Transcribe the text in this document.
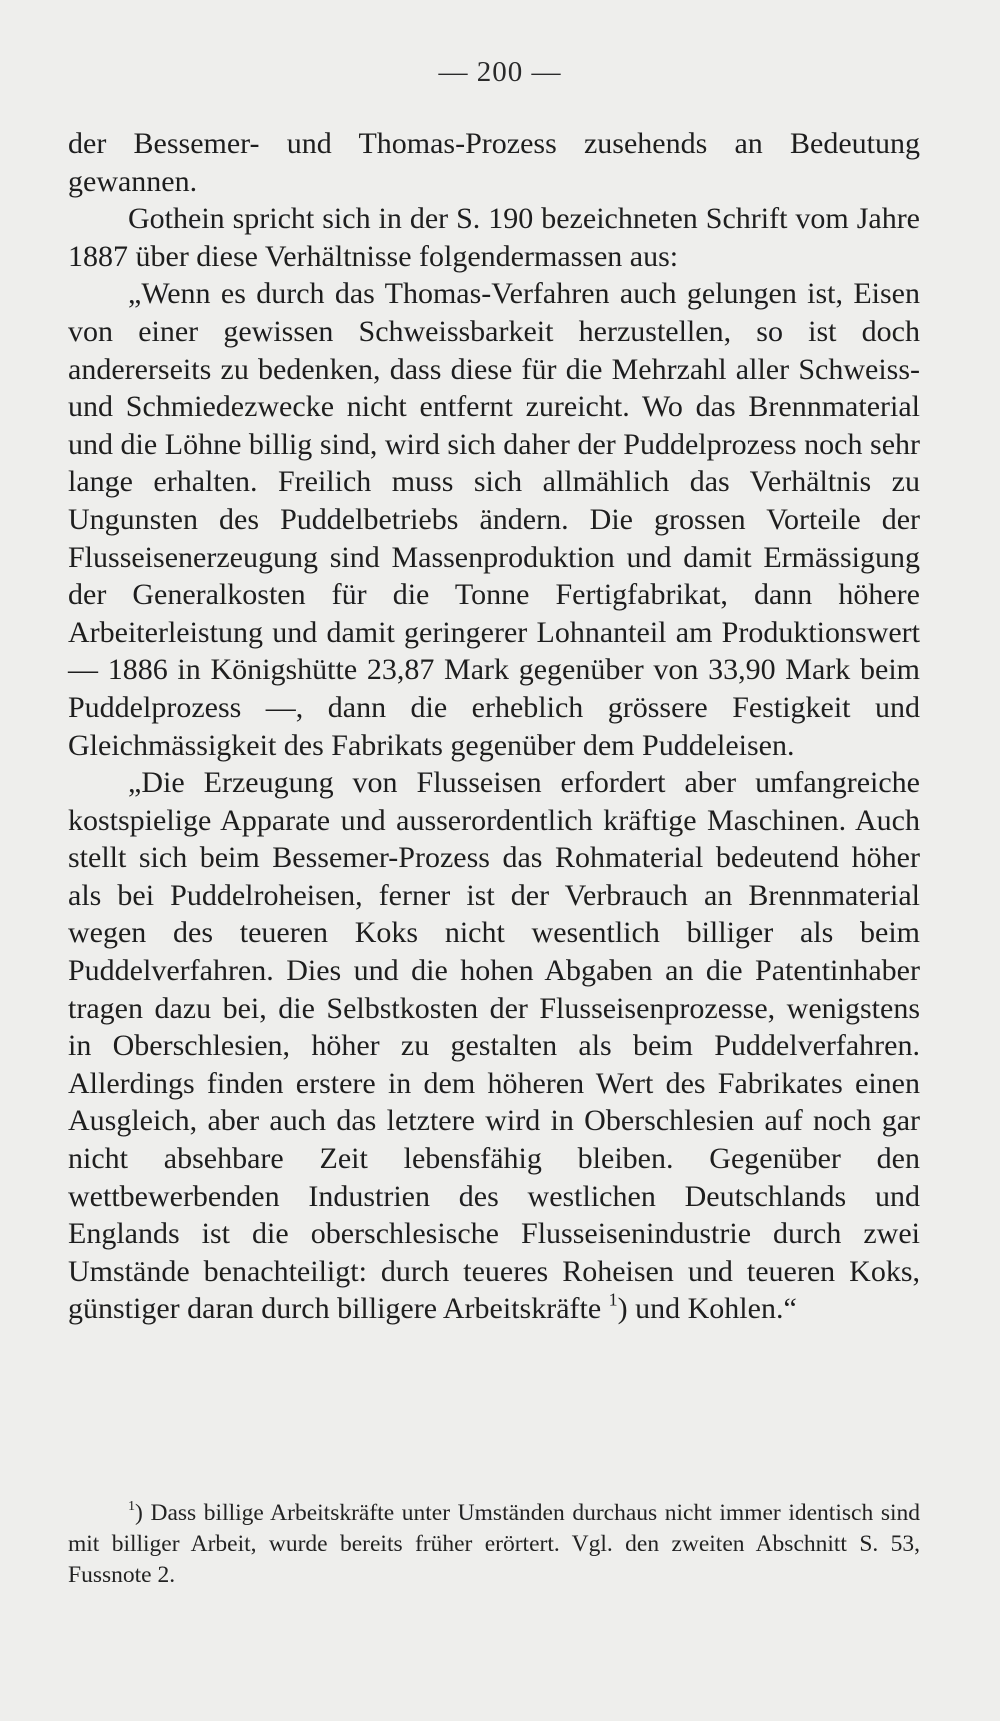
— 200 —

der Bessemer- und Thomas-Prozess zusehends an Bedeutung gewannen.

Gothein spricht sich in der S. 190 bezeichneten Schrift vom Jahre 1887 über diese Verhältnisse folgendermassen aus:

„Wenn es durch das Thomas-Verfahren auch gelungen ist, Eisen von einer gewissen Schweissbarkeit herzustellen, so ist doch andererseits zu bedenken, dass diese für die Mehrzahl aller Schweiss- und Schmiedezwecke nicht entfernt zureicht. Wo das Brennmaterial und die Löhne billig sind, wird sich daher der Puddelprozess noch sehr lange erhalten. Freilich muss sich allmählich das Verhältnis zu Ungunsten des Puddelbetriebs ändern. Die grossen Vorteile der Flusseisenerzeugung sind Massenproduktion und damit Ermässigung der Generalkosten für die Tonne Fertigfabrikat, dann höhere Arbeiterleistung und damit geringerer Lohnanteil am Produktionswert — 1886 in Königshütte 23,87 Mark gegenüber von 33,90 Mark beim Puddelprozess —, dann die erheblich grössere Festigkeit und Gleichmässigkeit des Fabrikats gegenüber dem Puddeleisen.

„Die Erzeugung von Flusseisen erfordert aber umfangreiche kostspielige Apparate und ausserordentlich kräftige Maschinen. Auch stellt sich beim Bessemer-Prozess das Rohmaterial bedeutend höher als bei Puddelroheisen, ferner ist der Verbrauch an Brennmaterial wegen des teueren Koks nicht wesentlich billiger als beim Puddelverfahren. Dies und die hohen Abgaben an die Patentinhaber tragen dazu bei, die Selbstkosten der Flusseisenprozesse, wenigstens in Oberschlesien, höher zu gestalten als beim Puddelverfahren. Allerdings finden erstere in dem höheren Wert des Fabrikates einen Ausgleich, aber auch das letztere wird in Oberschlesien auf noch gar nicht absehbare Zeit lebensfähig bleiben. Gegenüber den wettbewerbenden Industrien des westlichen Deutschlands und Englands ist die oberschlesische Flusseisenindustrie durch zwei Umstände benachteiligt: durch teueres Roheisen und teueren Koks, günstiger daran durch billigere Arbeitskräfte $^1$) und Kohlen.“

$^1$) Dass billige Arbeitskräfte unter Umständen durchaus nicht immer identisch sind mit billiger Arbeit, wurde bereits früher erörtert. Vgl. den zweiten Abschnitt S. 53, Fussnote 2.
